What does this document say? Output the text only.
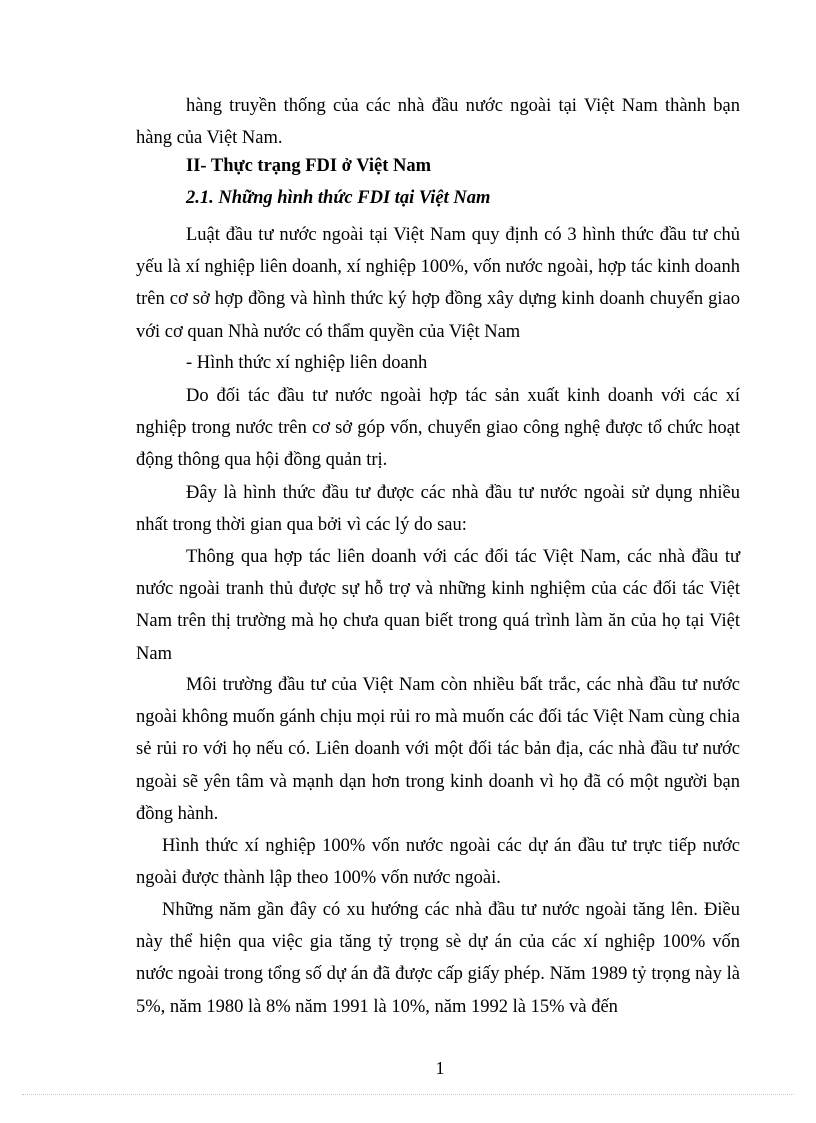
hàng truyền thống của các nhà đầu nước ngoài tại Việt Nam thành bạn hàng của Việt Nam.

II- Thực trạng FDI ở Việt Nam

2.1. Những hình thức FDI tại Việt Nam

Luật đầu tư nước ngoài tại Việt Nam quy định có 3 hình thức đầu tư chủ yếu là xí nghiệp liên doanh, xí nghiệp 100%, vốn nước ngoài, hợp tác kinh doanh trên cơ sở hợp đồng và hình thức ký hợp đồng xây dựng kinh doanh chuyển giao với cơ quan Nhà nước có thẩm quyền của Việt Nam

- Hình thức xí nghiệp liên doanh

Do đối tác đầu tư nước ngoài hợp tác sản xuất kinh doanh với các xí nghiệp trong nước trên cơ sở góp vốn, chuyển giao công nghệ được tổ chức hoạt động thông qua hội đồng quản trị.

Đây là hình thức đầu tư được các nhà đầu tư nước ngoài sử dụng nhiều nhất trong thời gian qua bởi vì các lý do sau:

Thông qua hợp tác liên doanh với các đối tác Việt Nam, các nhà đầu tư nước ngoài tranh thủ được sự hỗ trợ và những kinh nghiệm của các đối tác Việt Nam trên thị trường mà họ chưa quan biết trong quá trình làm ăn của họ tại Việt Nam

Môi trường đầu tư của Việt Nam còn nhiều bất trắc, các nhà đầu tư nước ngoài không muốn gánh chịu mọi rủi ro mà muốn các đối tác Việt Nam cùng chia sẻ rủi ro với họ nếu có. Liên doanh với một đối tác bản địa, các nhà đầu tư nước ngoài sẽ yên tâm và mạnh dạn hơn trong kinh doanh vì họ đã có một người bạn đồng hành.

Hình thức xí nghiệp 100% vốn nước ngoài các dự án đầu tư trực tiếp nước ngoài được thành lập theo 100% vốn nước ngoài.

Những năm gần đây có xu hướng các nhà đầu tư nước ngoài tăng lên. Điều này thể hiện qua việc gia tăng tỷ trọng sè dự án của các xí nghiệp 100% vốn nước ngoài trong tổng số dự án đã được cấp giấy phép. Năm 1989 tỷ trọng này là 5%, năm 1980 là 8% năm 1991 là 10%, năm 1992 là 15% và đến

1
